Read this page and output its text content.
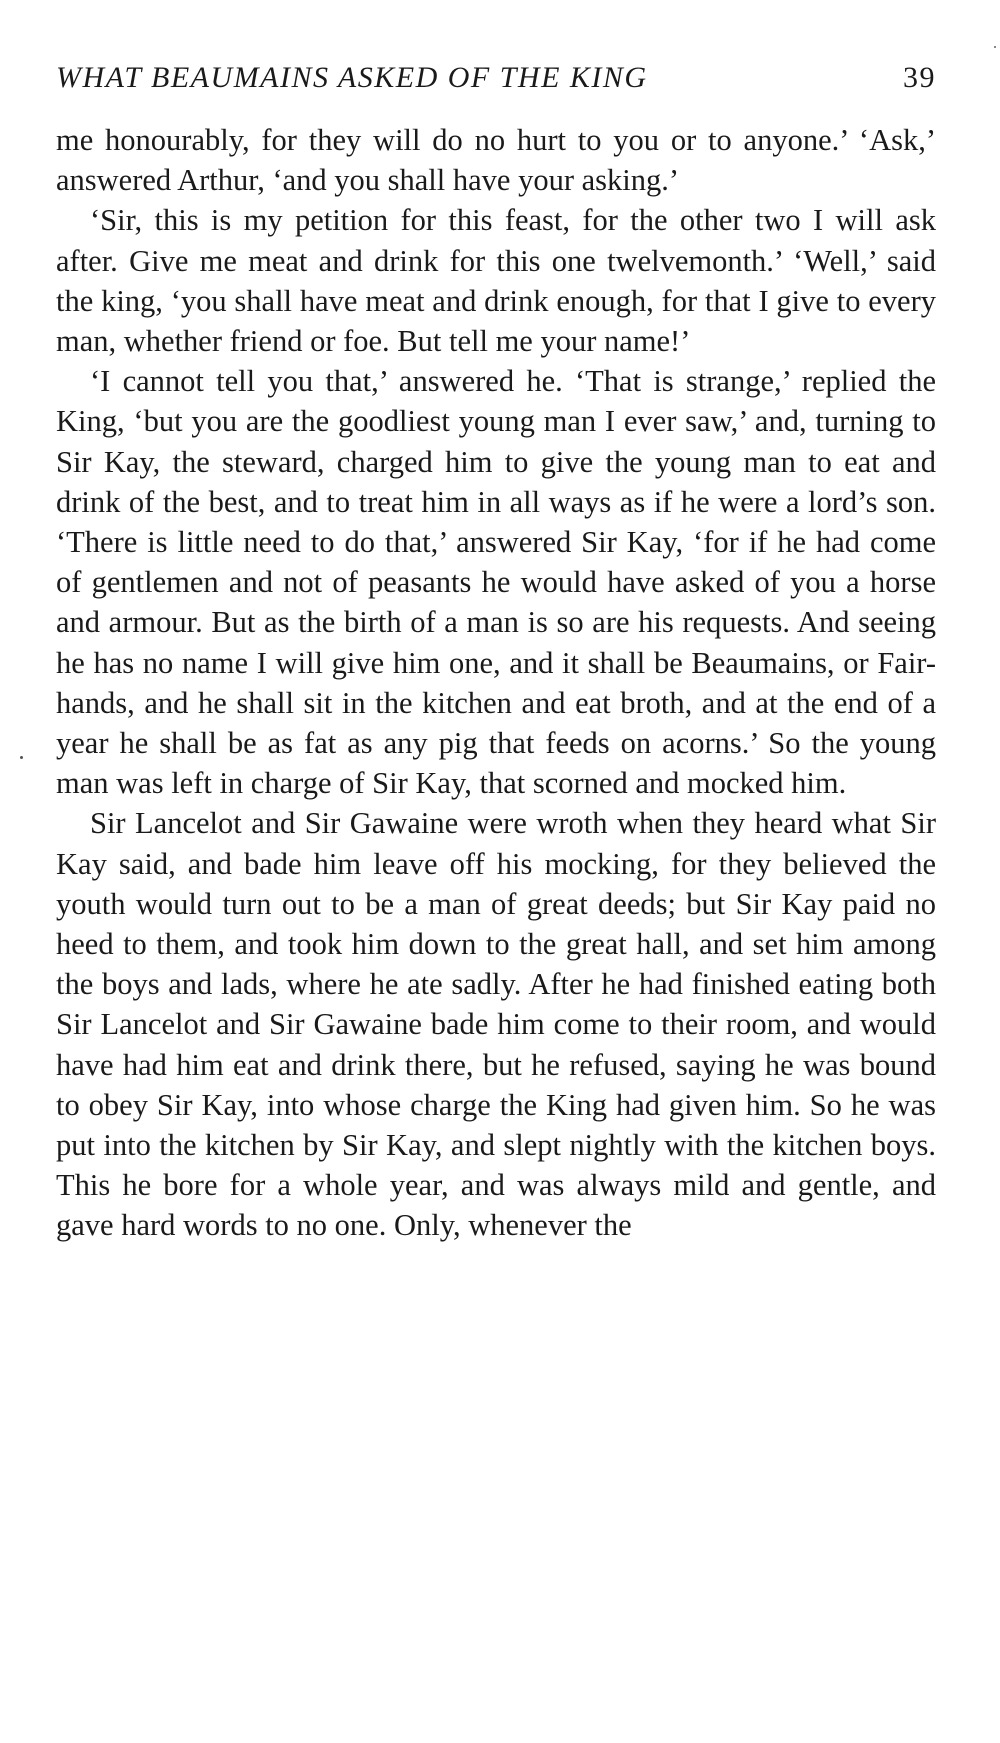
WHAT BEAUMAINS ASKED OF THE KING	39

me honourably, for they will do no hurt to you or to anyone.’ ‘Ask,’ answered Arthur, ‘and you shall have your asking.’

‘Sir, this is my petition for this feast, for the other two I will ask after. Give me meat and drink for this one twelvemonth.’ ‘Well,’ said the king, ‘you shall have meat and drink enough, for that I give to every man, whether friend or foe. But tell me your name!’

‘I cannot tell you that,’ answered he. ‘That is strange,’ replied the King, ‘but you are the goodliest young man I ever saw,’ and, turning to Sir Kay, the steward, charged him to give the young man to eat and drink of the best, and to treat him in all ways as if he were a lord’s son. ‘There is little need to do that,’ answered Sir Kay, ‘for if he had come of gentlemen and not of peasants he would have asked of you a horse and armour. But as the birth of a man is so are his requests. And seeing he has no name I will give him one, and it shall be Beaumains, or Fair-hands, and he shall sit in the kitchen and eat broth, and at the end of a year he shall be as fat as any pig that feeds on acorns.’ So the young man was left in charge of Sir Kay, that scorned and mocked him.

Sir Lancelot and Sir Gawaine were wroth when they heard what Sir Kay said, and bade him leave off his mocking, for they believed the youth would turn out to be a man of great deeds; but Sir Kay paid no heed to them, and took him down to the great hall, and set him among the boys and lads, where he ate sadly. After he had finished eating both Sir Lancelot and Sir Gawaine bade him come to their room, and would have had him eat and drink there, but he refused, saying he was bound to obey Sir Kay, into whose charge the King had given him. So he was put into the kitchen by Sir Kay, and slept nightly with the kitchen boys. This he bore for a whole year, and was always mild and gentle, and gave hard words to no one. Only, whenever the
